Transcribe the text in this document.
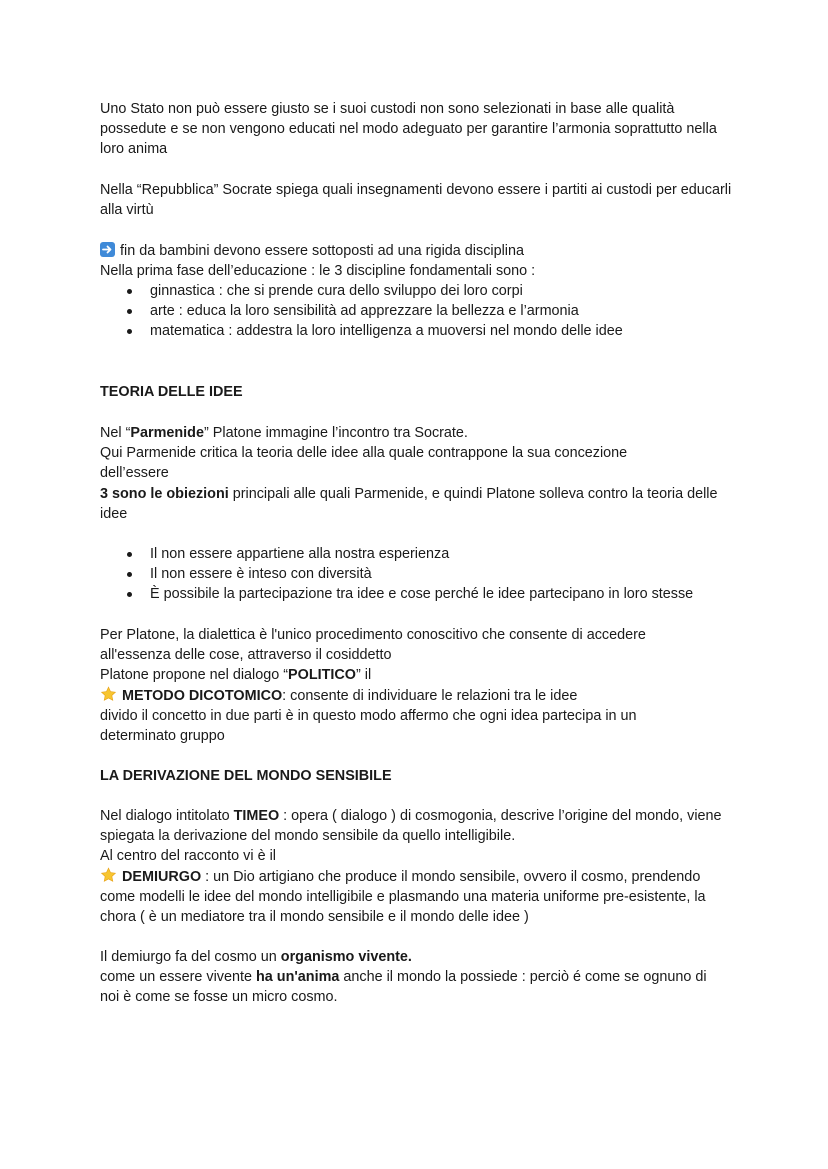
Uno Stato non può essere giusto se i suoi custodi non sono selezionati in base alle qualità possedute e se non vengono educati nel modo adeguato per garantire l’armonia soprattutto nella loro anima

Nella “Repubblica” Socrate spiega quali insegnamenti devono essere i partiti ai custodi per educarli alla virtù

fin da bambini devono essere sottoposti ad una rigida disciplina
Nella prima fase dell’educazione : le 3 discipline fondamentali sono :

ginnastica : che si prende cura dello sviluppo dei loro corpi
arte : educa la loro sensibilità ad apprezzare la bellezza e l’armonia
matematica : addestra la loro intelligenza a muoversi nel mondo delle idee

TEORIA DELLE IDEE

Nel “Parmenide” Platone immagine l’incontro tra Socrate.
Qui Parmenide critica la teoria delle idee alla quale contrappone la sua concezione dell’essere
3 sono le obiezioni principali alle quali Parmenide, e quindi Platone solleva contro la teoria delle idee
Il non essere appartiene alla nostra esperienza
Il non essere è inteso con diversità
È possibile la partecipazione tra idee e cose perché le idee partecipano in loro stesse
Per Platone, la dialettica è l'unico procedimento conoscitivo che consente di accedere all'essenza delle cose, attraverso il cosiddetto
Platone propone nel dialogo “POLITICO” il
METODO DICOTOMICO: consente di individuare le relazioni tra le idee
divido il concetto in due parti è in questo modo affermo che ogni idea partecipa in un determinato gruppo

LA DERIVAZIONE DEL MONDO SENSIBILE

Nel dialogo intitolato TIMEO : opera ( dialogo ) di cosmogonia, descrive l’origine del mondo, viene spiegata la derivazione del mondo sensibile da quello intelligibile.
Al centro del racconto vi è il
DEMIURGO : un Dio artigiano che produce il mondo sensibile, ovvero il cosmo, prendendo come modelli le idee del mondo intelligibile e plasmando una materia uniforme pre-esistente, la chora ( è un mediatore tra il mondo sensibile e il mondo delle idee )
Il demiurgo fa del cosmo un organismo vivente.
come un essere vivente ha un'anima anche il mondo la possiede : perciò é come se ognuno di noi è come se fosse un micro cosmo.
